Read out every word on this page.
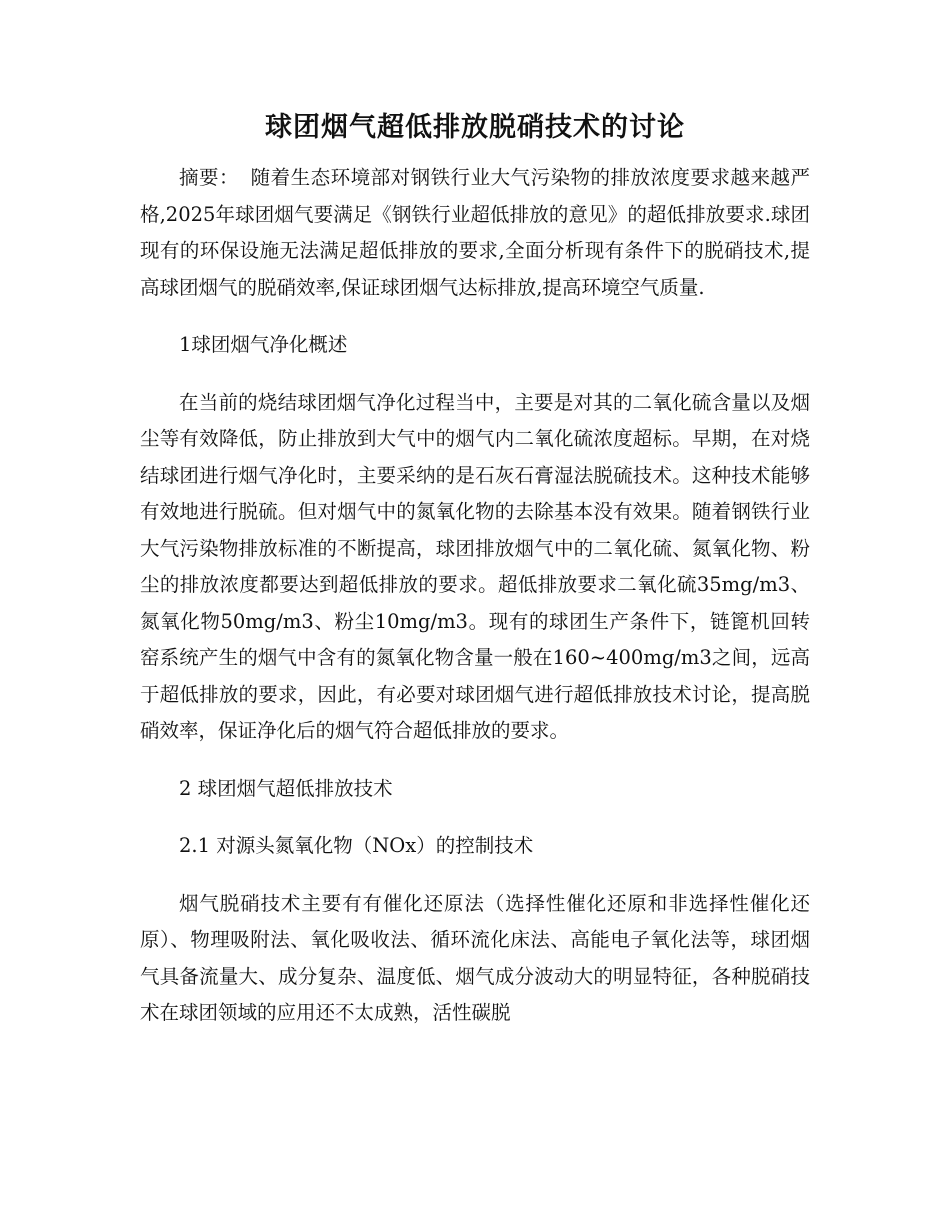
球团烟气超低排放脱硝技术的讨论

摘要： 随着生态环境部对钢铁行业大气污染物的排放浓度要求越来越严格,2025年球团烟气要满足《钢铁行业超低排放的意见》的超低排放要求.球团现有的环保设施无法满足超低排放的要求,全面分析现有条件下的脱硝技术,提高球团烟气的脱硝效率,保证球团烟气达标排放,提高环境空气质量.

1球团烟气净化概述

在当前的烧结球团烟气净化过程当中，主要是对其的二氧化硫含量以及烟尘等有效降低，防止排放到大气中的烟气内二氧化硫浓度超标。早期，在对烧结球团进行烟气净化时，主要采纳的是石灰石膏湿法脱硫技术。这种技术能够有效地进行脱硫。但对烟气中的氮氧化物的去除基本没有效果。随着钢铁行业大气污染物排放标准的不断提高，球团排放烟气中的二氧化硫、氮氧化物、粉尘的排放浓度都要达到超低排放的要求。超低排放要求二氧化硫35mg/m3、氮氧化物50mg/m3、粉尘10mg/m3。现有的球团生产条件下，链篦机回转窑系统产生的烟气中含有的氮氧化物含量一般在160~400mg/m3之间，远高于超低排放的要求，因此，有必要对球团烟气进行超低排放技术讨论，提高脱硝效率，保证净化后的烟气符合超低排放的要求。

2 球团烟气超低排放技术

2.1 对源头氮氧化物（NOx）的控制技术

烟气脱硝技术主要有有催化还原法（选择性催化还原和非选择性催化还原）、物理吸附法、氧化吸收法、循环流化床法、高能电子氧化法等，球团烟气具备流量大、成分复杂、温度低、烟气成分波动大的明显特征，各种脱硝技术在球团领域的应用还不太成熟，活性碳脱
